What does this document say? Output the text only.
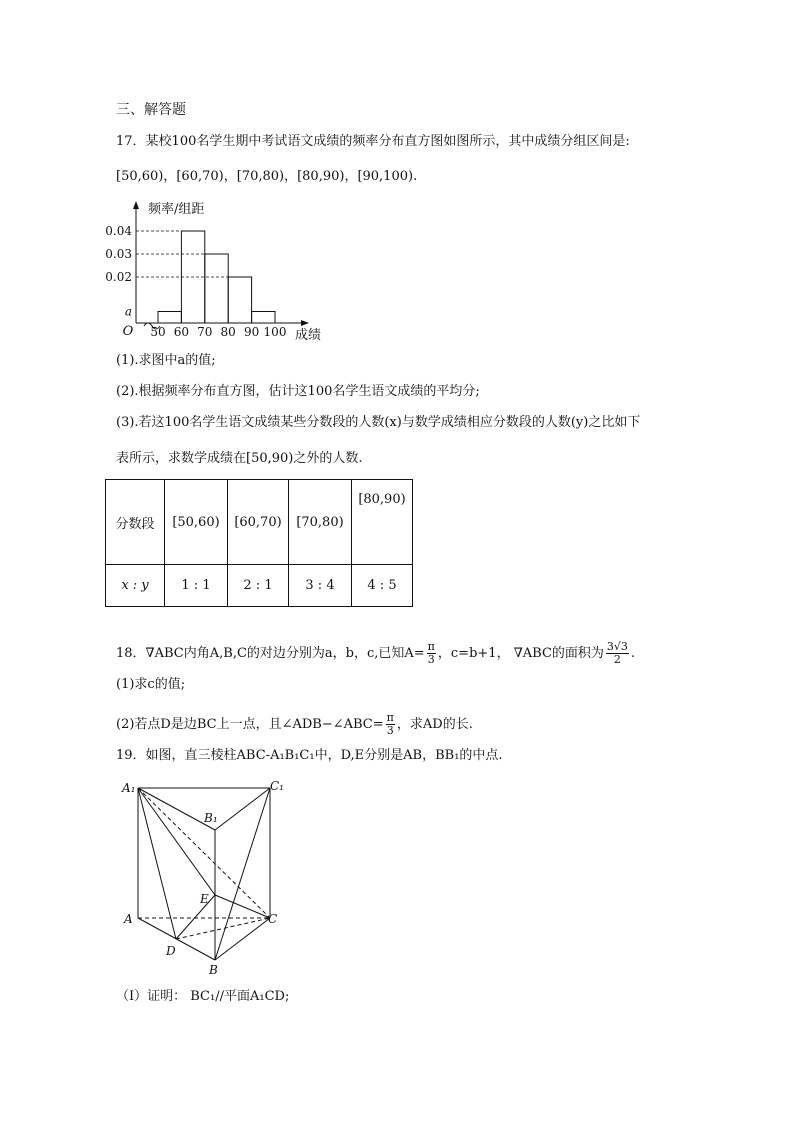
三、解答题
17．某校100名学生期中考试语文成绩的频率分布直方图如图所示，其中成绩分组区间是:
[50,60)，[60,70)，[70,80)，[80,90)，[90,100).
a
0.02
0.03
0.04
50 60 70 80 90 100
O
频率/组距
成绩
(1).求图中a的值;
(2).根据频率分布直方图，估计这100名学生语文成绩的平均分;
(3).若这100名学生语文成绩某些分数段的人数(x)与数学成绩相应分数段的人数(y)之比如下
表所示，求数学成绩在[50,90)之外的人数.
分数段	[50,60)	[60,70)	[70,80)	[80,90)
x : y	1 : 1	2 : 1	3 : 4	4 : 5
18．∇ABC内角A,B,C的对边分别为a，b，c,已知$A= \frac{\pi}{3}$ ，c=b+1， ∇ABC的面积为 $\frac{3√3}{2}$ .
(1)求c的值;
(2)若点D是边BC上一点，且∠ADB−∠ABC= $\frac{\pi}{3}$ ，求AD的长.
19．如图，直三棱柱ABC-A₁B₁C₁中，D,E分别是AB，BB₁的中点.
A₁	C₁
B₁
E
A	C
D
B
（Ⅰ）证明： BC₁//平面A₁CD;
